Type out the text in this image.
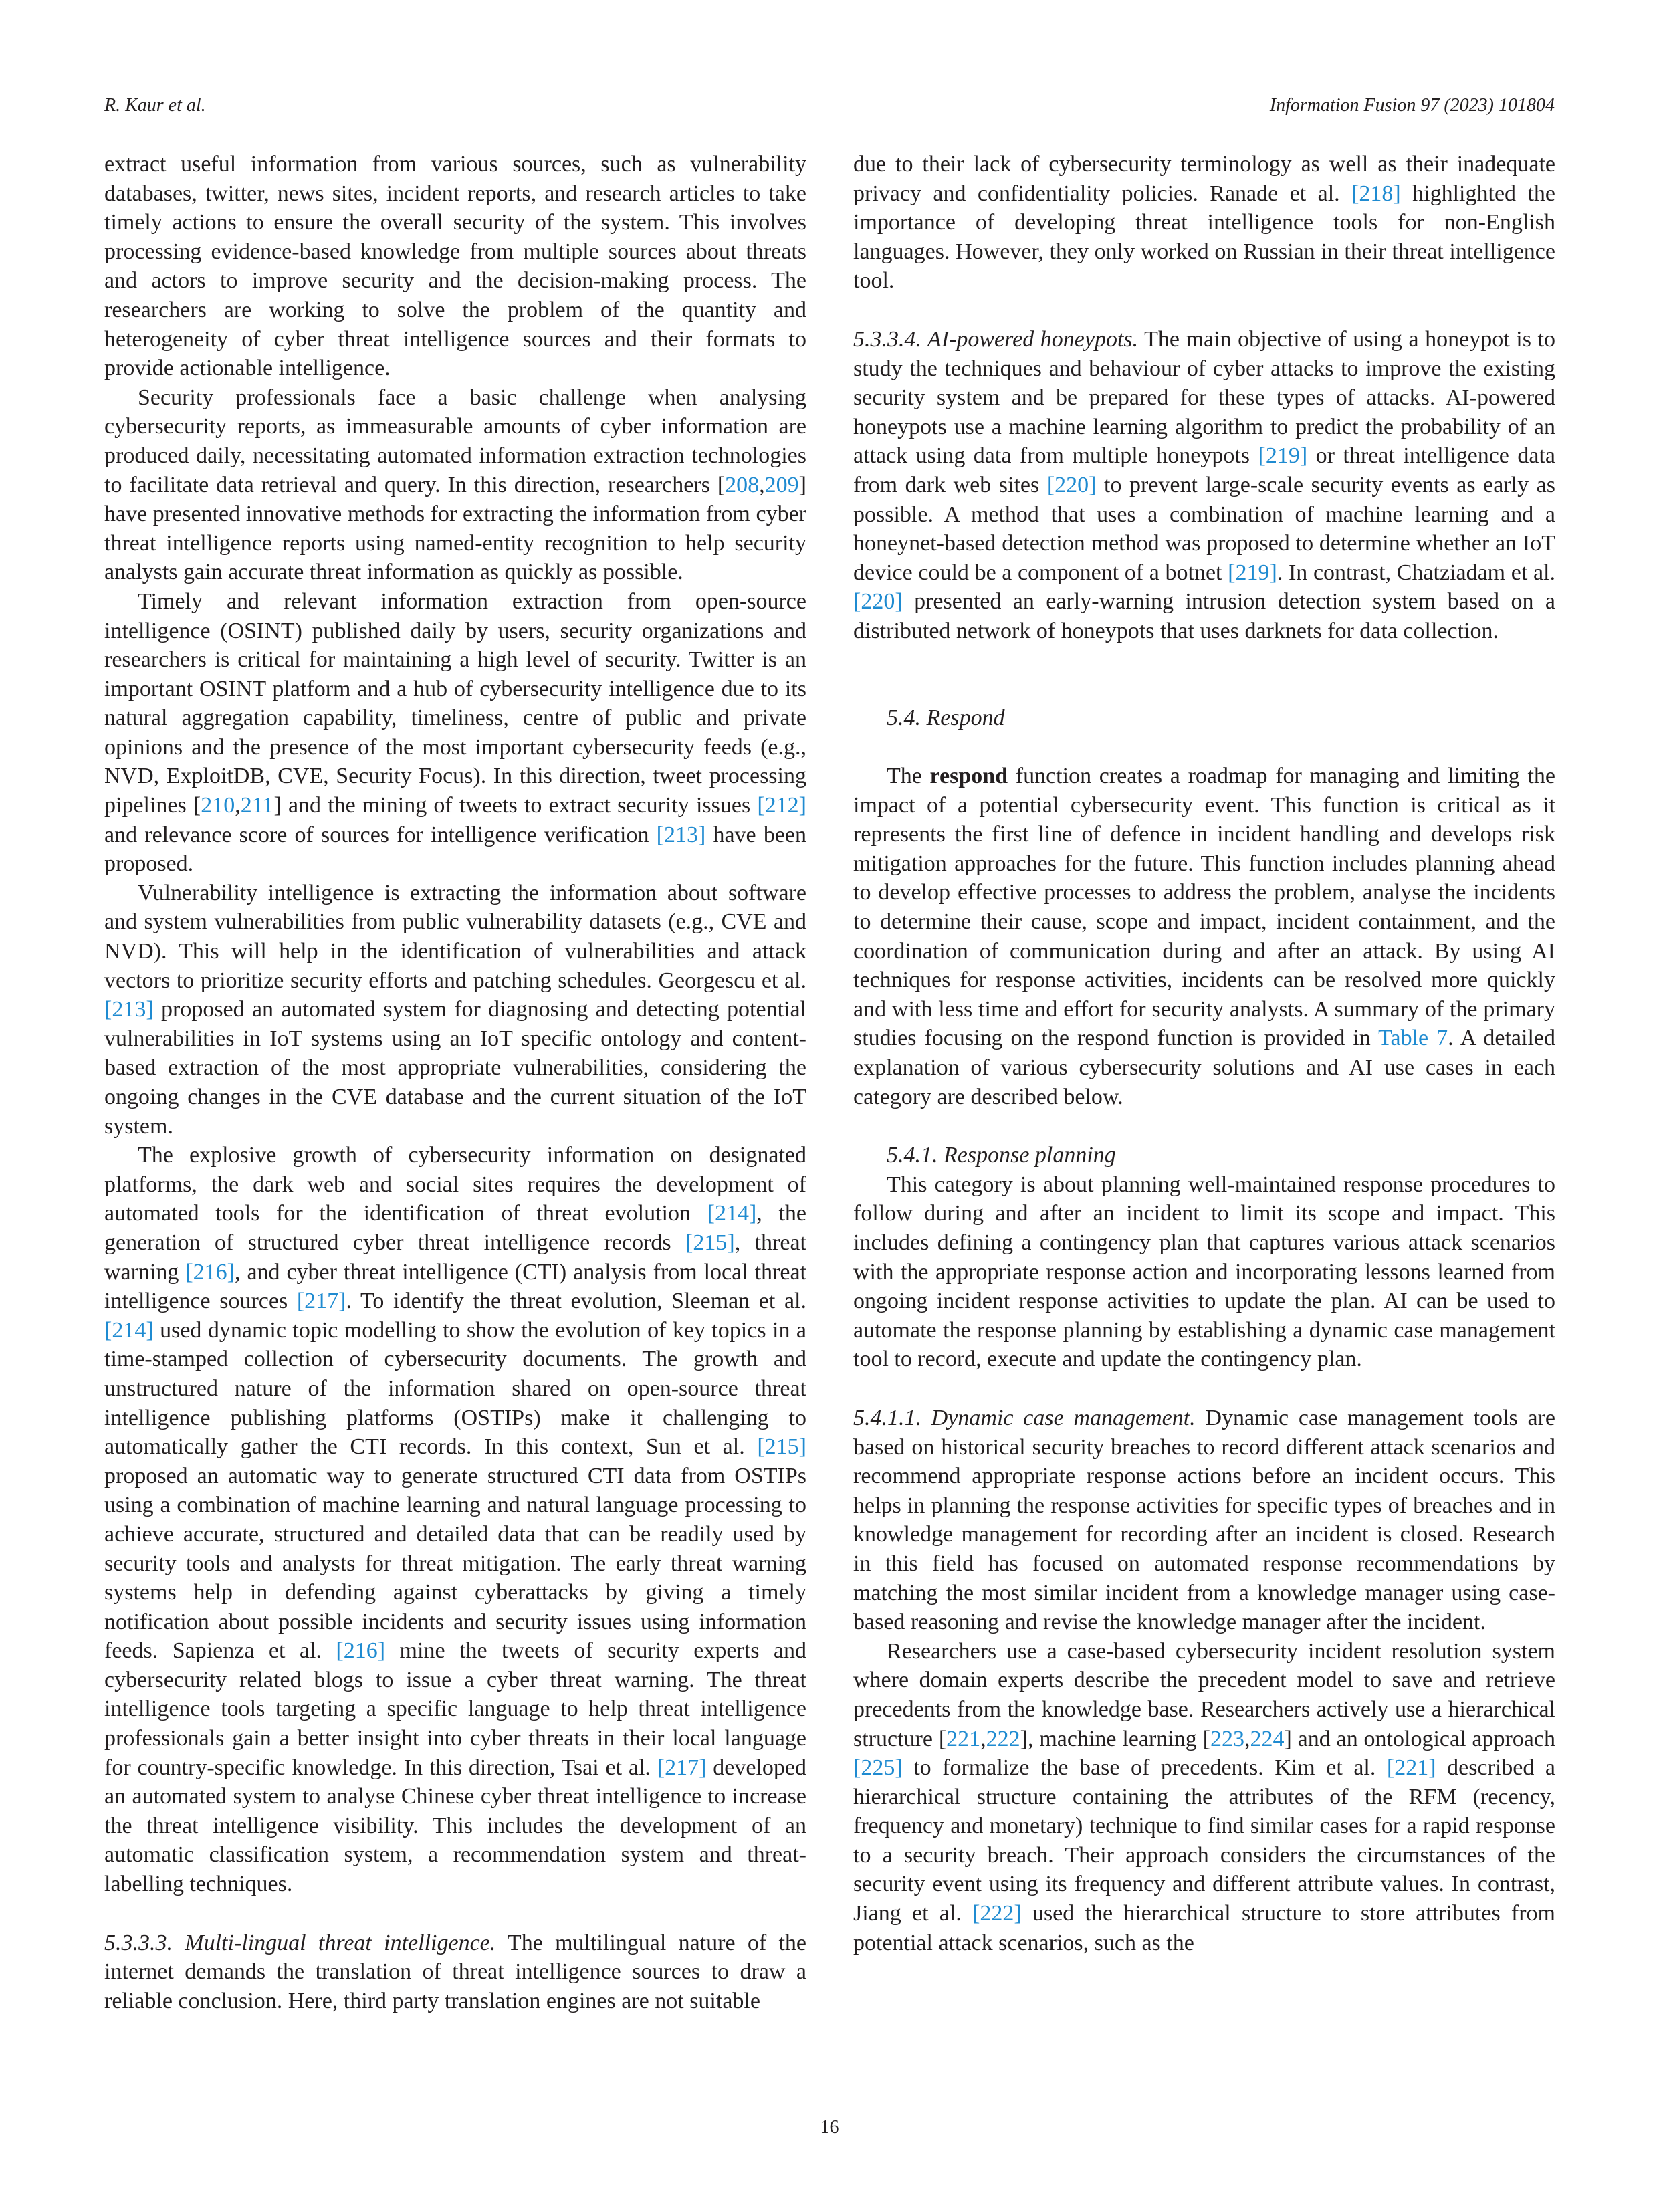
R. Kaur et al.	Information Fusion 97 (2023) 101804

extract useful information from various sources, such as vulnerability databases, twitter, news sites, incident reports, and research articles to take timely actions to ensure the overall security of the system. This involves processing evidence-based knowledge from multiple sources about threats and actors to improve security and the decision-making process. The researchers are working to solve the problem of the quantity and heterogeneity of cyber threat intelligence sources and their formats to provide actionable intelligence.

Security professionals face a basic challenge when analysing cybersecurity reports, as immeasurable amounts of cyber information are produced daily, necessitating automated information extraction technologies to facilitate data retrieval and query. In this direction, researchers [208,209] have presented innovative methods for extracting the information from cyber threat intelligence reports using named-entity recognition to help security analysts gain accurate threat information as quickly as possible.

Timely and relevant information extraction from open-source intelligence (OSINT) published daily by users, security organizations and researchers is critical for maintaining a high level of security. Twitter is an important OSINT platform and a hub of cybersecurity intelligence due to its natural aggregation capability, timeliness, centre of public and private opinions and the presence of the most important cybersecurity feeds (e.g., NVD, ExploitDB, CVE, Security Focus). In this direction, tweet processing pipelines [210,211] and the mining of tweets to extract security issues [212] and relevance score of sources for intelligence verification [213] have been proposed.

Vulnerability intelligence is extracting the information about software and system vulnerabilities from public vulnerability datasets (e.g., CVE and NVD). This will help in the identification of vulnerabilities and attack vectors to prioritize security efforts and patching schedules. Georgescu et al. [213] proposed an automated system for diagnosing and detecting potential vulnerabilities in IoT systems using an IoT specific ontology and content-based extraction of the most appropriate vulnerabilities, considering the ongoing changes in the CVE database and the current situation of the IoT system.

The explosive growth of cybersecurity information on designated platforms, the dark web and social sites requires the development of automated tools for the identification of threat evolution [214], the generation of structured cyber threat intelligence records [215], threat warning [216], and cyber threat intelligence (CTI) analysis from local threat intelligence sources [217]. To identify the threat evolution, Sleeman et al. [214] used dynamic topic modelling to show the evolution of key topics in a time-stamped collection of cybersecurity documents. The growth and unstructured nature of the information shared on open-source threat intelligence publishing platforms (OSTIPs) make it challenging to automatically gather the CTI records. In this context, Sun et al. [215] proposed an automatic way to generate structured CTI data from OSTIPs using a combination of machine learning and natural language processing to achieve accurate, structured and detailed data that can be readily used by security tools and analysts for threat mitigation. The early threat warning systems help in defending against cyberattacks by giving a timely notification about possible incidents and security issues using information feeds. Sapienza et al. [216] mine the tweets of security experts and cybersecurity related blogs to issue a cyber threat warning. The threat intelligence tools targeting a specific language to help threat intelligence professionals gain a better insight into cyber threats in their local language for country-specific knowledge. In this direction, Tsai et al. [217] developed an automated system to analyse Chinese cyber threat intelligence to increase the threat intelligence visibility. This includes the development of an automatic classification system, a recommendation system and threat-labelling techniques.

5.3.3.3. Multi-lingual threat intelligence. The multilingual nature of the internet demands the translation of threat intelligence sources to draw a reliable conclusion. Here, third party translation engines are not suitable

due to their lack of cybersecurity terminology as well as their inadequate privacy and confidentiality policies. Ranade et al. [218] highlighted the importance of developing threat intelligence tools for non-English languages. However, they only worked on Russian in their threat intelligence tool.

5.3.3.4. AI-powered honeypots. The main objective of using a honeypot is to study the techniques and behaviour of cyber attacks to improve the existing security system and be prepared for these types of attacks. AI-powered honeypots use a machine learning algorithm to predict the probability of an attack using data from multiple honeypots [219] or threat intelligence data from dark web sites [220] to prevent large-scale security events as early as possible. A method that uses a combination of machine learning and a honeynet-based detection method was proposed to determine whether an IoT device could be a component of a botnet [219]. In contrast, Chatziadam et al. [220] presented an early-warning intrusion detection system based on a distributed network of honeypots that uses darknets for data collection.

5.4. Respond

The respond function creates a roadmap for managing and limiting the impact of a potential cybersecurity event. This function is critical as it represents the first line of defence in incident handling and develops risk mitigation approaches for the future. This function includes planning ahead to develop effective processes to address the problem, analyse the incidents to determine their cause, scope and impact, incident containment, and the coordination of communication during and after an attack. By using AI techniques for response activities, incidents can be resolved more quickly and with less time and effort for security analysts. A summary of the primary studies focusing on the respond function is provided in Table 7. A detailed explanation of various cybersecurity solutions and AI use cases in each category are described below.

5.4.1. Response planning

This category is about planning well-maintained response procedures to follow during and after an incident to limit its scope and impact. This includes defining a contingency plan that captures various attack scenarios with the appropriate response action and incorporating lessons learned from ongoing incident response activities to update the plan. AI can be used to automate the response planning by establishing a dynamic case management tool to record, execute and update the contingency plan.

5.4.1.1. Dynamic case management. Dynamic case management tools are based on historical security breaches to record different attack scenarios and recommend appropriate response actions before an incident occurs. This helps in planning the response activities for specific types of breaches and in knowledge management for recording after an incident is closed. Research in this field has focused on automated response recommendations by matching the most similar incident from a knowledge manager using case-based reasoning and revise the knowledge manager after the incident.

Researchers use a case-based cybersecurity incident resolution system where domain experts describe the precedent model to save and retrieve precedents from the knowledge base. Researchers actively use a hierarchical structure [221,222], machine learning [223,224] and an ontological approach [225] to formalize the base of precedents. Kim et al. [221] described a hierarchical structure containing the attributes of the RFM (recency, frequency and monetary) technique to find similar cases for a rapid response to a security breach. Their approach considers the circumstances of the security event using its frequency and different attribute values. In contrast, Jiang et al. [222] used the hierarchical structure to store attributes from potential attack scenarios, such as the

16
